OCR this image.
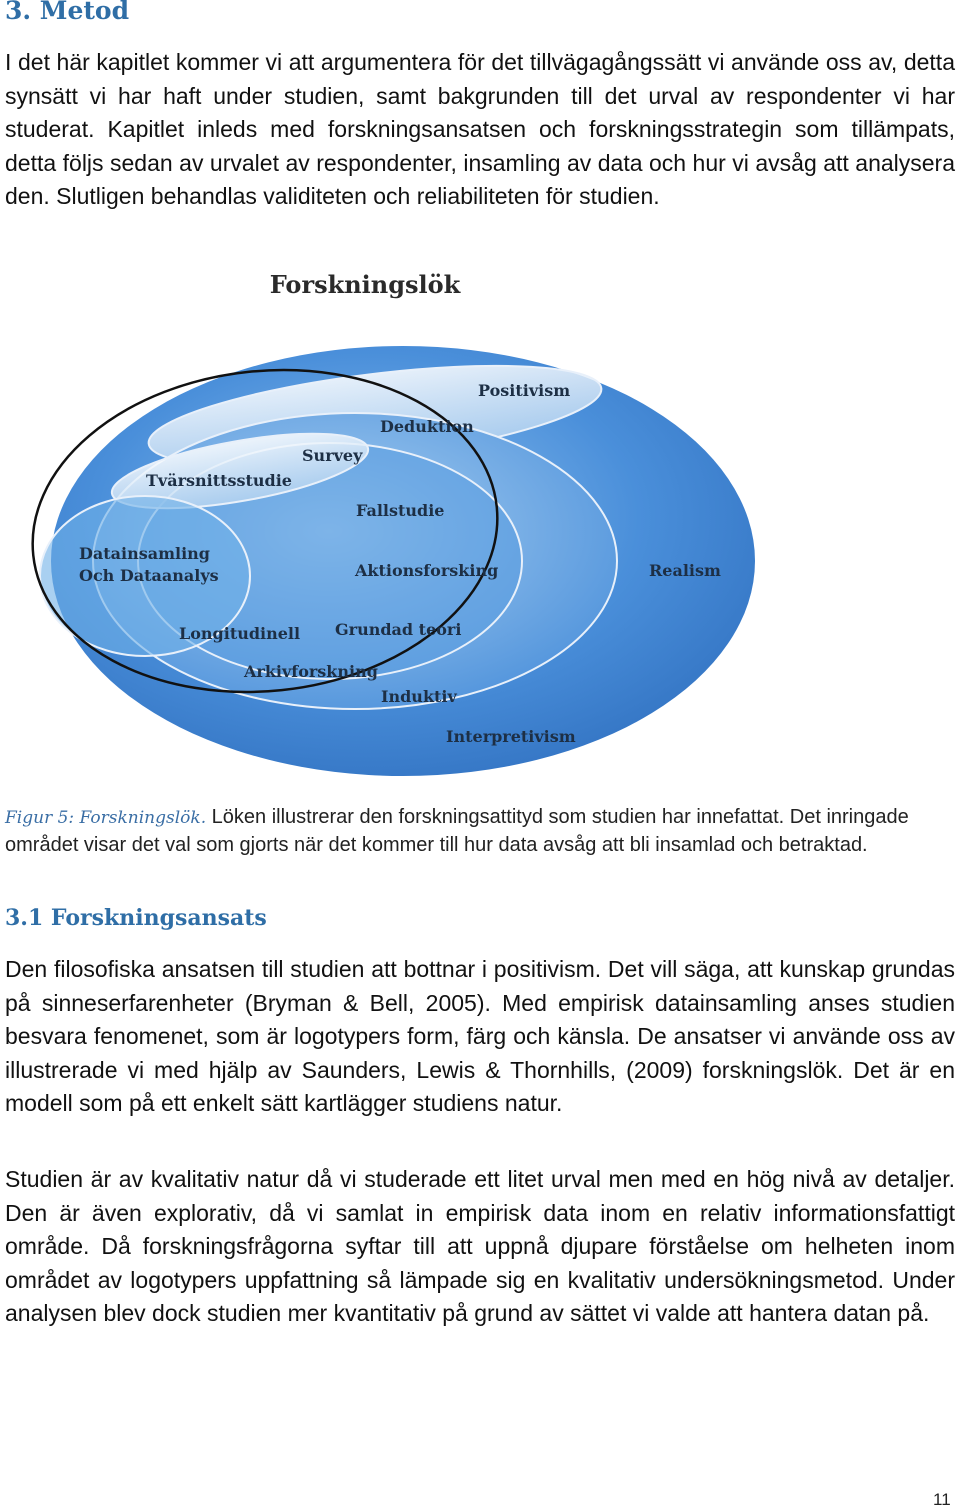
3. Metod

I det här kapitlet kommer vi att argumentera för det tillvägagångssätt vi använde oss av, detta synsätt vi har haft under studien, samt bakgrunden till det urval av respondenter vi har studerat. Kapitlet inleds med forskningsansatsen och forskningsstrategin som tillämpats, detta följs sedan av urvalet av respondenter, insamling av data och hur vi avsåg att analysera den. Slutligen behandlas validiteten och reliabiliteten för studien.

Forskningslök
Positivism
Deduktion
Survey
Tvärsnittsstudie
Fallstudie
Datainsamling
Och Dataanalys	Aktionsforsking	Realism
Longitudinell Grundad teori
Arkivforskning
Induktiv
Interpretivism

Figur 5: Forskningslök. Löken illustrerar den forskningsattityd som studien har innefattat. Det inringade området visar det val som gjorts när det kommer till hur data avsåg att bli insamlad och betraktad.

3.1 Forskningsansats

Den filosofiska ansatsen till studien att bottnar i positivism. Det vill säga, att kunskap grundas på sinneserfarenheter (Bryman & Bell, 2005). Med empirisk datainsamling anses studien besvara fenomenet, som är logotypers form, färg och känsla. De ansatser vi använde oss av illustrerade vi med hjälp av Saunders, Lewis & Thornhills, (2009) forskningslök. Det är en modell som på ett enkelt sätt kartlägger studiens natur.

Studien är av kvalitativ natur då vi studerade ett litet urval men med en hög nivå av detaljer. Den är även explorativ, då vi samlat in empirisk data inom en relativ informationsfattigt område. Då forskningsfrågorna syftar till att uppnå djupare förståelse om helheten inom området av logotypers uppfattning så lämpade sig en kvalitativ undersökningsmetod. Under analysen blev dock studien mer kvantitativ på grund av sättet vi valde att hantera datan på.

11
